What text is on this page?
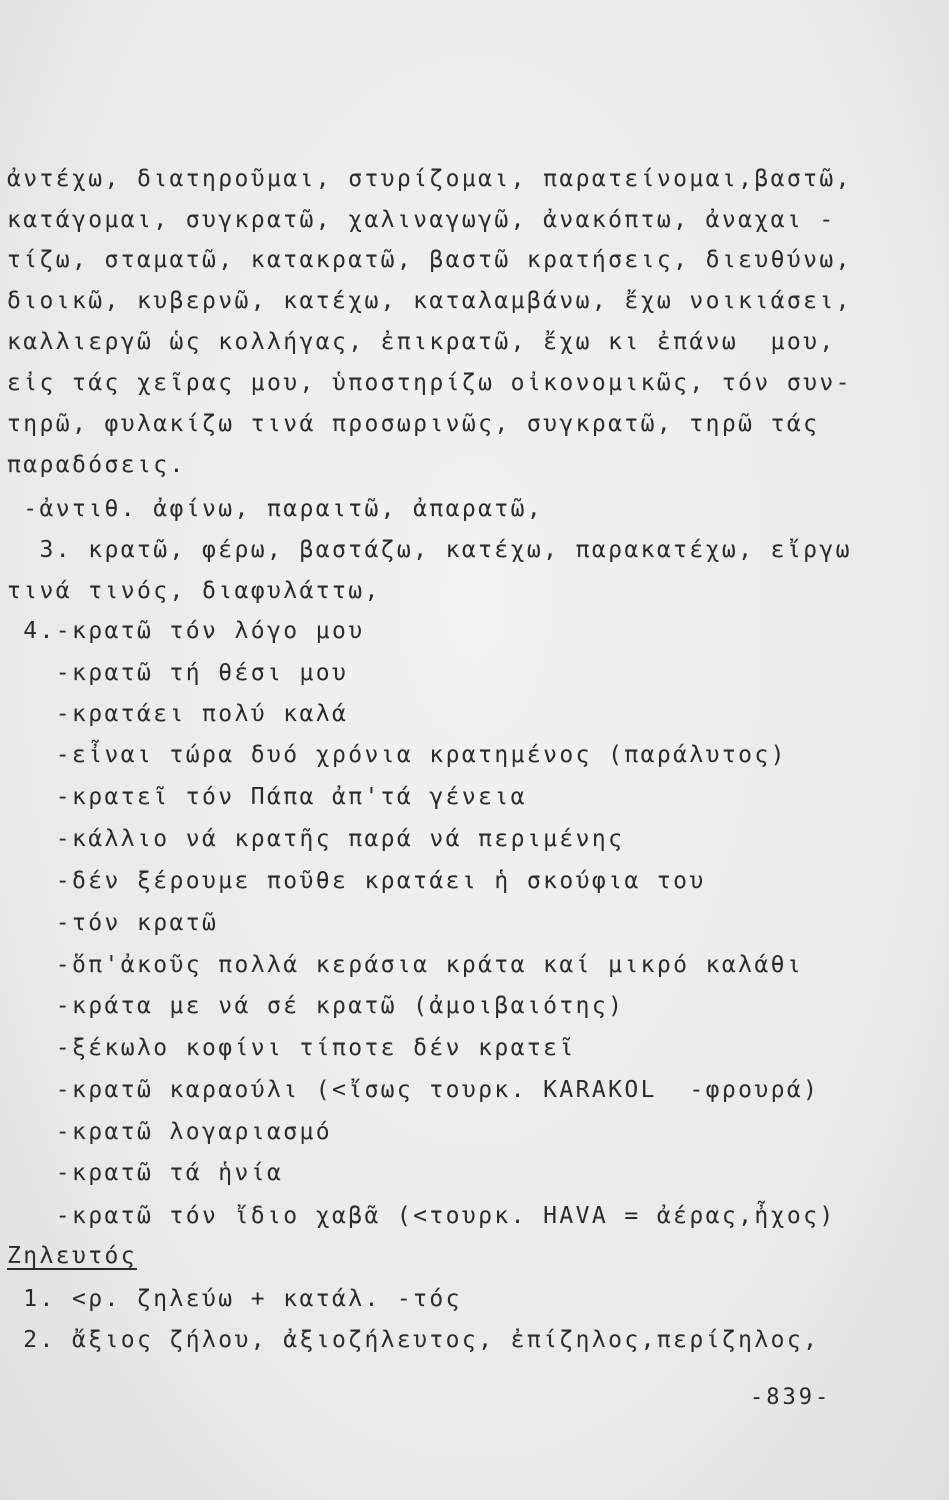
ἀντέχω, διατηροῦμαι, στυρίζομαι, παρατείνομαι,βαστῶ,
κατάγομαι, συγκρατῶ, χαλιναγωγῶ, ἀνακόπτω, ἀναχαι -
τίζω, σταματῶ, κατακρατῶ, βαστῶ κρατήσεις, διευθύνω,
διοικῶ, κυβερνῶ, κατέχω, καταλαμβάνω, ἔχω νοικιάσει,
καλλιεργῶ ὡς κολλήγας, ἐπικρατῶ, ἔχω κι ἐπάνω  μου,
εἰς τάς χεῖρας μου, ὑποστηρίζω οἰκονομικῶς, τόν συν-
τηρῶ, φυλακίζω τινά προσωρινῶς, συγκρατῶ, τηρῶ τάς
παραδόσεις.
-ἀντιθ. ἀφίνω, παραιτῶ, ἀπαρατῶ,
3. κρατῶ, φέρω, βαστάζω, κατέχω, παρακατέχω, εἴργω
τινά τινός, διαφυλάττω,
4.-κρατῶ τόν λόγο μου
-κρατῶ τή θέσι μου
-κρατάει πολύ καλά
-εἶναι τώρα δυό χρόνια κρατημένος (παράλυτος)
-κρατεῖ τόν Πάπα ἀπ'τά γένεια
-κάλλιο νά κρατῆς παρά νά περιμένης
-δέν ξέρουμε ποῦθε κρατάει ἡ σκούφια του
-τόν κρατῶ
-ὅπ'ἀκοῦς πολλά κεράσια κράτα καί μικρό καλάθι
-κράτα με νά σέ κρατῶ (ἀμοιβαιότης)
-ξέκωλο κοφίνι τίποτε δέν κρατεῖ
-κρατῶ καραούλι (<ἴσως τουρκ. KARAKOL  -φρουρά)
-κρατῶ λογαριασμό
-κρατῶ τά ἡνία
-κρατῶ τόν ἴδιο χαβᾶ (<τουρκ. HAVA = ἀέρας,ἦχος)
Ζηλευτός
1. <ρ. ζηλεύω + κατάλ. -τός
2. ἄξιος ζήλου, ἀξιοζήλευτος, ἐπίζηλος,περίζηλος,
-839-
